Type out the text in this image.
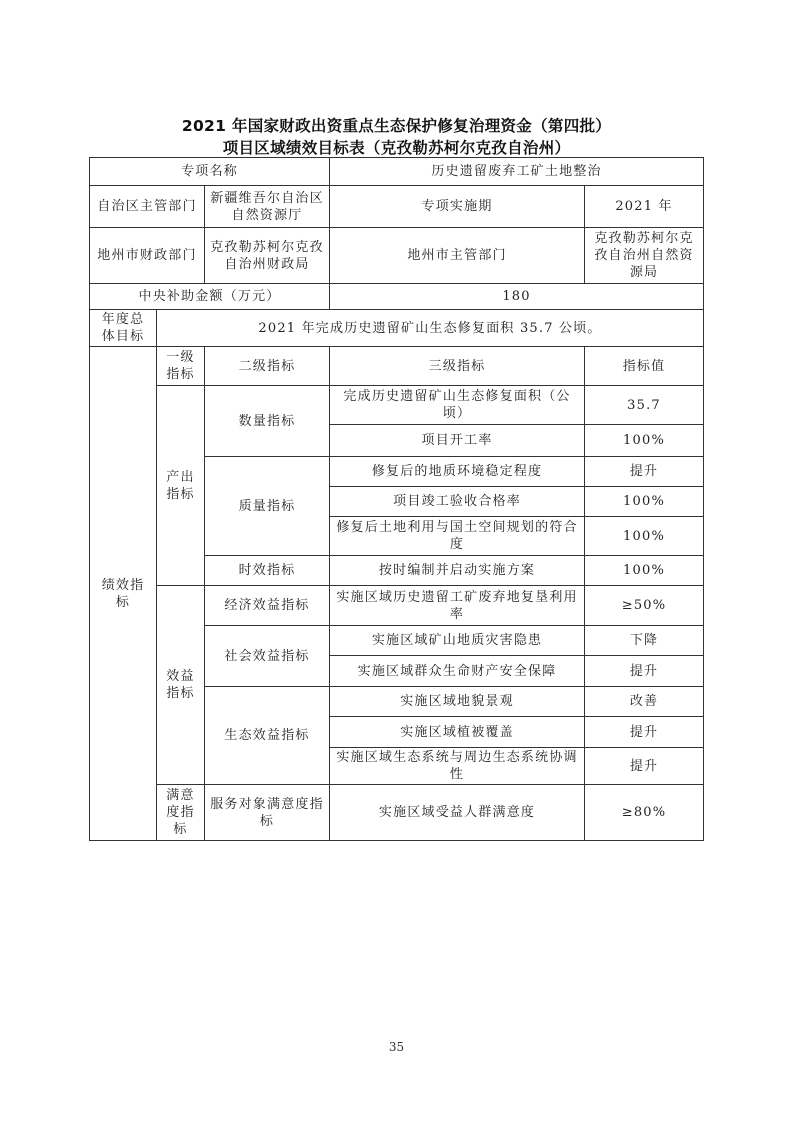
2021 年国家财政出资重点生态保护修复治理资金（第四批）
项目区域绩效目标表（克孜勒苏柯尔克孜自治州）
专项名称			历史遗留废弃工矿土地整治	
自治区主管部门		新疆维吾尔自治区自然资源厅	专项实施期	2021 年
地州市财政部门		克孜勒苏柯尔克孜自治州财政局	地州市主管部门	克孜勒苏柯尔克孜自治州自然资源局
中央补助金额（万元）			180	
年度总体目标	2021 年完成历史遗留矿山生态修复面积 35.7 公顷。			
绩效指标	一级指标	二级指标	三级指标	指标值
	产出指标	数量指标	完成历史遗留矿山生态修复面积（公顷）	35.7
			项目开工率	100%
		质量指标	修复后的地质环境稳定程度	提升
			项目竣工验收合格率	100%
			修复后土地利用与国土空间规划的符合度	100%
		时效指标	按时编制并启动实施方案	100%
	效益指标	经济效益指标	实施区域历史遗留工矿废弃地复垦利用率	≥50%
		社会效益指标	实施区域矿山地质灾害隐患	下降
			实施区域群众生命财产安全保障	提升
		生态效益指标	实施区域地貌景观	改善
			实施区域植被覆盖	提升
			实施区域生态系统与周边生态系统协调性	提升
	满意度指标	服务对象满意度指标	实施区域受益人群满意度	≥80%
35
